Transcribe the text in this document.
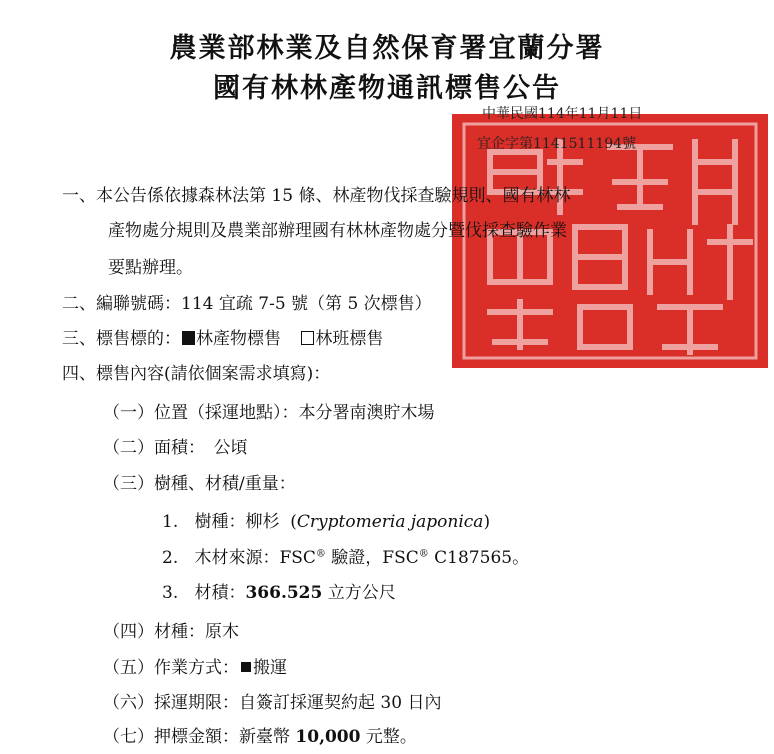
農業部林業及自然保育署宜蘭分署
國有林林產物通訊標售公告
中華民國114年11月11日
宜企字第1141511194號
一、本公告係依據森林法第 15 條、林產物伐採查驗規則、國有林林
產物處分規則及農業部辦理國有林林產物處分暨伐採查驗作業
要點辦理。
二、編聯號碼：114 宜疏 7-5 號（第 5 次標售）
三、標售標的： 林產物標售 林班標售
四、標售內容(請依個案需求填寫)：
（一）位置（採運地點）：本分署南澳貯木場
（二）面積：　公頃
（三）樹種、材積/重量：
1. 樹種：柳杉  (Cryptomeria japonica)
2. 木材來源：FSC® 驗證，FSC® C187565。
3. 材積：366.525 立方公尺
（四）材種：原木
（五）作業方式： 搬運
（六）採運期限：自簽訂採運契約起 30 日內
（七）押標金額：新臺幣 10,000 元整。
